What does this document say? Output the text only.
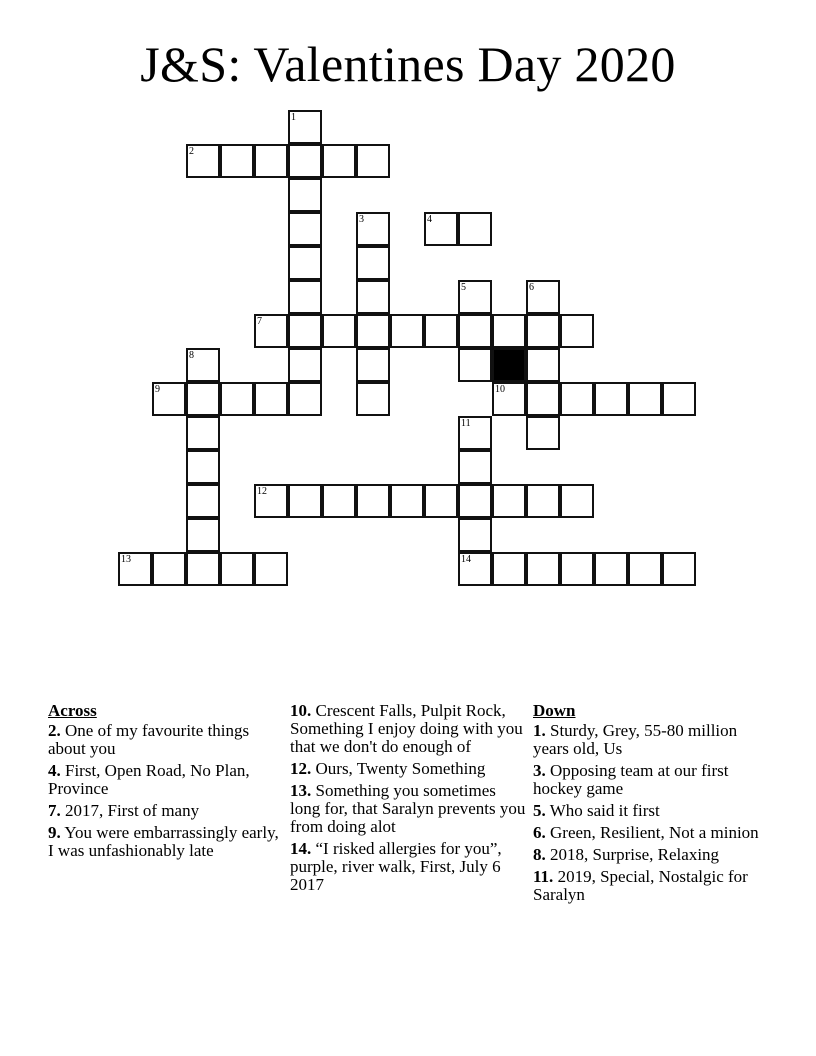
J&S: Valentines Day 2020
1
2
3	4
5	6
7
8
9	10
11
14
12
13
Across
2. One of my favourite things about you
4. First, Open Road, No Plan, Province
7. 2017, First of many
9. You were embarrassingly early, I was unfashionably late
10. Crescent Falls, Pulpit Rock, Something I enjoy doing with you that we don't do enough of
12. Ours, Twenty Something
13. Something you sometimes long for, that Saralyn prevents you from doing alot
14. “I risked allergies for you”, purple, river walk, First, July 6 2017
Down
1. Sturdy, Grey, 55-80 million years old, Us
3. Opposing team at our first hockey game
5. Who said it first
6. Green, Resilient, Not a minion
8. 2018, Surprise, Relaxing
11. 2019, Special, Nostalgic for Saralyn
